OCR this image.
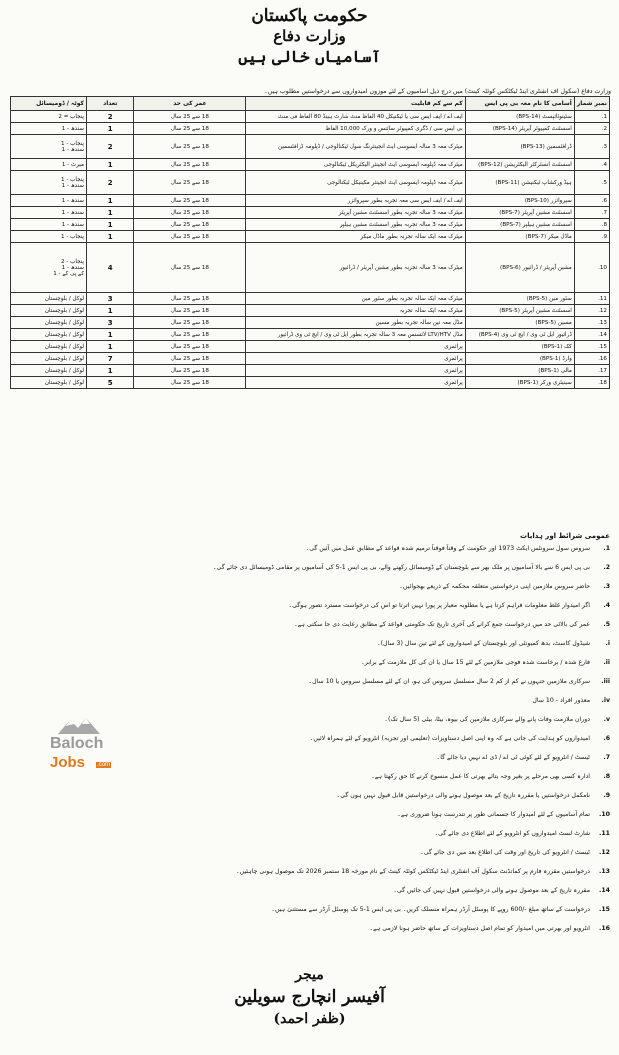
حکومت پاکستان
وزارت دفاع
آسامیاں خالی ہیں
وزارت دفاع (سکول آف انفنٹری اینڈ ٹیکٹکس کوئٹہ کینٹ) میں درج ذیل آسامیوں کے لئے موزوں امیدواروں سے درخواستیں مطلوب ہیں۔
نمبر شمار	آسامی کا نام معہ بی پی ایس	کم سے کم قابلیت	عمر کی حد	تعداد	کوٹہ / ڈومیسائل
1.	سٹینوٹائپسٹ (BPS-14)	ایف اے / ایف ایس سی یا ٹیکنیکل 40 الفاظ منٹ شارٹ ہینڈ 80 الفاظ فی منٹ	18 سے 25 سال	2	پنجاب = 2

2.	اسسٹنٹ کمپیوٹر آپریٹر (BPS-14)	بی ایس سی / ڈگری کمپیوٹر سائنس و ورک 10,000 الفاظ	18 سے 25 سال	1	سندھ - 1

3.	ڈرافٹسمین (BPS-13)	میٹرک معہ 3 سالہ ایسوسی ایٹ انجینئرنگ سول ٹیکنالوجی / ڈپلومہ ڈرافٹسمین	18 سے 25 سال	2	پنجاب - 1
سندھ - 1

4.	اسسٹنٹ انسٹرکٹر الیکٹریشن (BPS-12)	میٹرک معہ ڈپلومہ ایسوسی ایٹ انجینئر الیکٹریکل ٹیکنالوجی	18 سے 25 سال	1	میرٹ - 1

5.	ہیڈ ورکشاپ ٹیکنیشن (BPS-11)	میٹرک معہ ڈپلومہ ایسوسی ایٹ انجینئر مکینیکل ٹیکنالوجی	18 سے 25 سال	2	پنجاب - 1
سندھ - 1

6.	سپروائزر (BPS-10)	ایف اے / ایف ایس سی معہ تجربہ بطور سپروائزر	18 سے 25 سال	1	سندھ - 1

7.	اسسٹنٹ مشین آپریٹر (BPS-7)	میٹرک معہ 3 سالہ تجربہ بطور اسسٹنٹ مشین آپریٹر	18 سے 25 سال	1	سندھ - 1

8.	اسسٹنٹ مشین ہیلپر (BPS-7)	میٹرک معہ 3 سالہ تجربہ بطور اسسٹنٹ مشین ہیلپر	18 سے 25 سال	1	سندھ - 1

9.	ماڈل میکر (BPS-7)	میٹرک معہ ایک سالہ تجربہ بطور ماڈل میکر	18 سے 25 سال	1	پنجاب - 1

10.	مشین آپریٹر / ڈرائیور (BPS-6)	میٹرک معہ 3 سالہ تجربہ بطور مشین آپریٹر / ڈرائیور	18 سے 25 سال	4	پنجاب - 2
سندھ - 1
کے پی کے - 1

11.	سٹور مین (BPS-5)	میٹرک معہ ایک سالہ تجربہ بطور سٹور مین	18 سے 25 سال	3	لوکل / بلوچستان

12.	اسسٹنٹ مشین آپریٹر (BPS-5)	میٹرک معہ ایک سالہ تجربہ	18 سے 25 سال	1	لوکل / بلوچستان

13.	مسین (BPS-5)	مڈل معہ تین سالہ تجربہ بطور مسین	18 سے 25 سال	3	لوکل / بلوچستان

14.	ڈرائیور ایل ٹی وی / ایچ ٹی وی (BPS-4)	مڈل LTV/HTV لائسنس معہ 3 سالہ تجربہ بطور ایل ٹی وی / ایچ ٹی وی ڈرائیور	18 سے 25 سال	1	لوکل / بلوچستان

15.	کک (BPS-1)	پرائمری	18 سے 25 سال	1	لوکل / بلوچستان

16.	وارڈ (BPS-1)	پرائمری	18 سے 25 سال	7	لوکل / بلوچستان

17.	مالی (BPS-1)	پرائمری	18 سے 25 سال	1	لوکل / بلوچستان

18.	سینیٹری ورکر (BPS-1)	پرائمری	18 سے 25 سال	5	لوکل / بلوچستان
عمومی شرائط اور ہدایات
1. سروس سول سرونٹس ایکٹ 1973 اور حکومت کے وقتاً فوقتاً ترمیم شدہ قواعد کے مطابق عمل میں آئیں گی۔
2. بی پی ایس 6 سے بالا آسامیوں پر ملک بھر سے بلوچستان کے ڈومیسائل رکھنے والے، بی پی ایس 1-5 کی آسامیوں پر مقامی ڈومیسائل دی جائے گی۔
3. حاضر سروس ملازمین اپنی درخواستیں متعلقہ محکمہ کے ذریعے بھجوائیں۔
4. اگر امیدوار غلط معلومات فراہم کرتا ہے یا مطلوبہ معیار پر پورا نہیں اترتا تو اس کی درخواست مسترد تصور ہوگی۔
5. عمر کی بالائی حد میں درخواست جمع کرانے کی آخری تاریخ تک حکومتی قواعد کے مطابق رعایت دی جا سکتی ہے۔
i. شیڈول کاسٹ، بدھ کمیونٹی اور بلوچستان کے امیدواروں کے لئے تین سال (3 سال)۔
ii. فارغ شدہ / برخاست شدہ فوجی ملازمین کے لئے 15 سال یا ان کی کل ملازمت کے برابر۔
iii. سرکاری ملازمین جنہوں نے کم از کم 2 سال مسلسل سروس کی ہو، ان کے لئے مسلسل سروس یا 10 سال۔
iv. معذور افراد - 10 سال
v. دوران ملازمت وفات پانے والے سرکاری ملازمین کی بیوہ، بیٹا، بیٹی (5 سال تک)۔
6. امیدواروں کو ہدایت کی جاتی ہے کہ وہ اپنی اصل دستاویزات (تعلیمی اور تجربہ) انٹرویو کے لئے ہمراہ لائیں۔
7. ٹیسٹ / انٹرویو کے لئے کوئی ٹی اے / ڈی اے نہیں دیا جائے گا۔
8. ادارہ کسی بھی مرحلے پر بغیر وجہ بتائے بھرتی کا عمل منسوخ کرنے کا حق رکھتا ہے۔
9. نامکمل درخواستیں یا مقررہ تاریخ کے بعد موصول ہونے والی درخواستیں قابل قبول نہیں ہوں گی۔
10. تمام آسامیوں کے لئے امیدوار کا جسمانی طور پر تندرست ہونا ضروری ہے۔
11. شارٹ لسٹ امیدواروں کو انٹرویو کے لئے اطلاع دی جائے گی۔
12. ٹیسٹ / انٹرویو کی تاریخ اور وقت کی اطلاع بعد میں دی جائے گی۔
13. درخواستیں مقررہ فارم پر کمانڈنٹ سکول آف انفنٹری اینڈ ٹیکٹکس کوئٹہ کینٹ کے نام مورخہ 18 ستمبر 2026 تک موصول ہونی چاہئیں۔
14. مقررہ تاریخ کے بعد موصول ہونے والی درخواستیں قبول نہیں کی جائیں گی۔
15. درخواست کے ساتھ مبلغ -/600 روپے کا پوسٹل آرڈر ہمراہ منسلک کریں۔ بی پی ایس 1-5 تک پوسٹل آرڈر سے مستثنیٰ ہیں۔
16. انٹرویو اور بھرتی میں امیدوار کو تمام اصل دستاویزات کے ساتھ حاضر ہونا لازمی ہے۔
Baloch
Jobs .com
میجر
آفیسر انچارج سویلین
(ظفر احمد)
